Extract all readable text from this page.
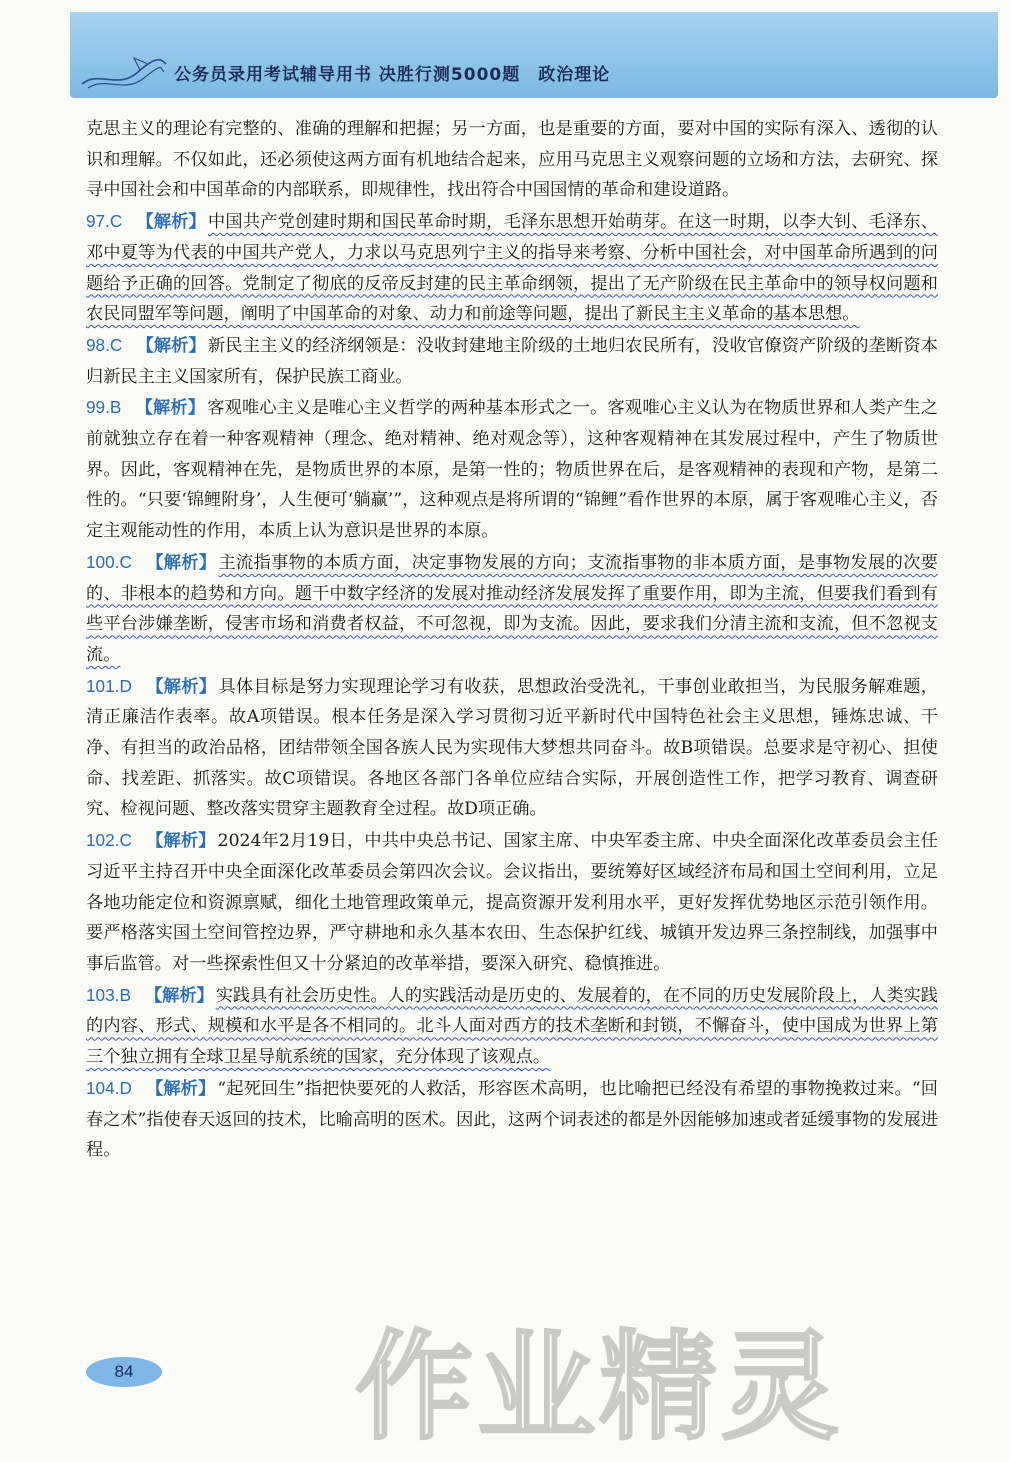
公务员录用考试辅导用书 决胜行测5000题　政治理论

克思主义的理论有完整的、准确的理解和把握；另一方面，也是重要的方面，要对中国的实际有深入、透彻的认识和理解。不仅如此，还必须使这两方面有机地结合起来，应用马克思主义观察问题的立场和方法，去研究、探寻中国社会和中国革命的内部联系，即规律性，找出符合中国国情的革命和建设道路。

97.C 【解析】 中国共产党创建时期和国民革命时期，毛泽东思想开始萌芽。在这一时期，以李大钊、毛泽东、邓中夏等为代表的中国共产党人，力求以马克思列宁主义的指导来考察、分析中国社会，对中国革命所遇到的问题给予正确的回答。党制定了彻底的反帝反封建的民主革命纲领，提出了无产阶级在民主革命中的领导权问题和农民同盟军等问题，阐明了中国革命的对象、动力和前途等问题，提出了新民主主义革命的基本思想。

98.C 【解析】 新民主主义的经济纲领是：没收封建地主阶级的土地归农民所有，没收官僚资产阶级的垄断资本归新民主主义国家所有，保护民族工商业。

99.B 【解析】 客观唯心主义是唯心主义哲学的两种基本形式之一。客观唯心主义认为在物质世界和人类产生之前就独立存在着一种客观精神（理念、绝对精神、绝对观念等），这种客观精神在其发展过程中，产生了物质世界。因此，客观精神在先，是物质世界的本原，是第一性的；物质世界在后，是客观精神的表现和产物，是第二性的。“只要‘锦鲤附身’，人生便可‘躺赢’”，这种观点是将所谓的“锦鲤”看作世界的本原，属于客观唯心主义，否定主观能动性的作用，本质上认为意识是世界的本原。

100.C 【解析】 主流指事物的本质方面，决定事物发展的方向；支流指事物的非本质方面，是事物发展的次要的、非根本的趋势和方向。题干中数字经济的发展对推动经济发展发挥了重要作用，即为主流，但要我们看到有些平台涉嫌垄断，侵害市场和消费者权益，不可忽视，即为支流。因此，要求我们分清主流和支流，但不忽视支流。

101.D 【解析】 具体目标是努力实现理论学习有收获，思想政治受洗礼，干事创业敢担当，为民服务解难题，清正廉洁作表率。故A项错误。根本任务是深入学习贯彻习近平新时代中国特色社会主义思想，锤炼忠诚、干净、有担当的政治品格，团结带领全国各族人民为实现伟大梦想共同奋斗。故B项错误。总要求是守初心、担使命、找差距、抓落实。故C项错误。各地区各部门各单位应结合实际，开展创造性工作，把学习教育、调查研究、检视问题、整改落实贯穿主题教育全过程。故D项正确。

102.C 【解析】 2024年2月19日，中共中央总书记、国家主席、中央军委主席、中央全面深化改革委员会主任习近平主持召开中央全面深化改革委员会第四次会议。会议指出，要统筹好区域经济布局和国土空间利用，立足各地功能定位和资源禀赋，细化土地管理政策单元，提高资源开发利用水平，更好发挥优势地区示范引领作用。要严格落实国土空间管控边界，严守耕地和永久基本农田、生态保护红线、城镇开发边界三条控制线，加强事中事后监管。对一些探索性但又十分紧迫的改革举措，要深入研究、稳慎推进。

103.B 【解析】 实践具有社会历史性。人的实践活动是历史的、发展着的，在不同的历史发展阶段上，人类实践的内容、形式、规模和水平是各不相同的。北斗人面对西方的技术垄断和封锁，不懈奋斗，使中国成为世界上第三个独立拥有全球卫星导航系统的国家，充分体现了该观点。

104.D 【解析】 “起死回生”指把快要死的人救活，形容医术高明，也比喻把已经没有希望的事物挽救过来。“回春之术”指使春天返回的技术，比喻高明的医术。因此，这两个词表述的都是外因能够加速或者延缓事物的发展进程。

作业精灵
84
